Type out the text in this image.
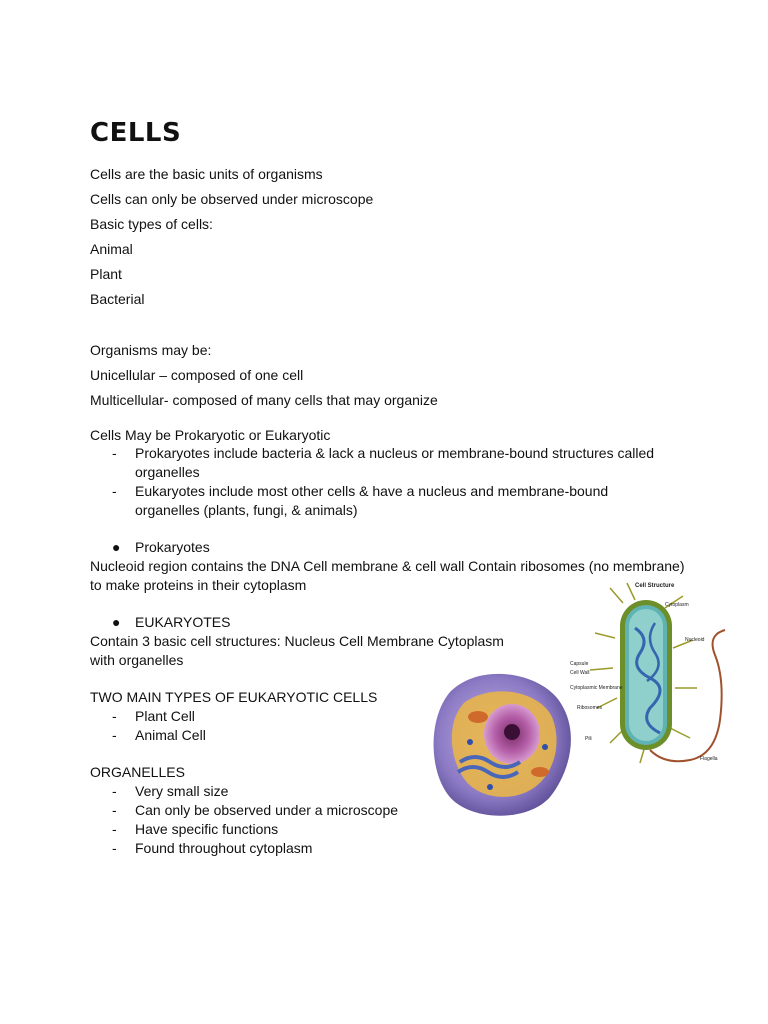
CELLS
Cells are the basic units of organisms
Cells can only be observed under microscope
Basic types of cells:
Animal
Plant
Bacterial
Organisms may be:
Unicellular – composed of one cell
Multicellular- composed of many cells that may organize
Cells May be Prokaryotic or Eukaryotic
- Prokaryotes include bacteria & lack a nucleus or membrane-bound structures called organelles
- Eukaryotes include most other cells & have a nucleus and membrane-bound organelles (plants, fungi, & animals)
● Prokaryotes
Nucleoid region contains the DNA Cell membrane & cell wall Contain ribosomes (no membrane) to make proteins in their cytoplasm
● EUKARYOTES
Contain 3 basic cell structures: Nucleus Cell Membrane Cytoplasm
with organelles
TWO MAIN TYPES OF EUKARYOTIC CELLS
- Plant Cell
- Animal Cell
ORGANELLES
- Very small size
- Can only be observed under a microscope
- Have specific functions
- Found throughout cytoplasm
Cell Structure
Cytoplasm
Nucleoid
Capsule
Cell Wall
Cytoplasmic Membrane
Ribosomes
Pili
Flagella
